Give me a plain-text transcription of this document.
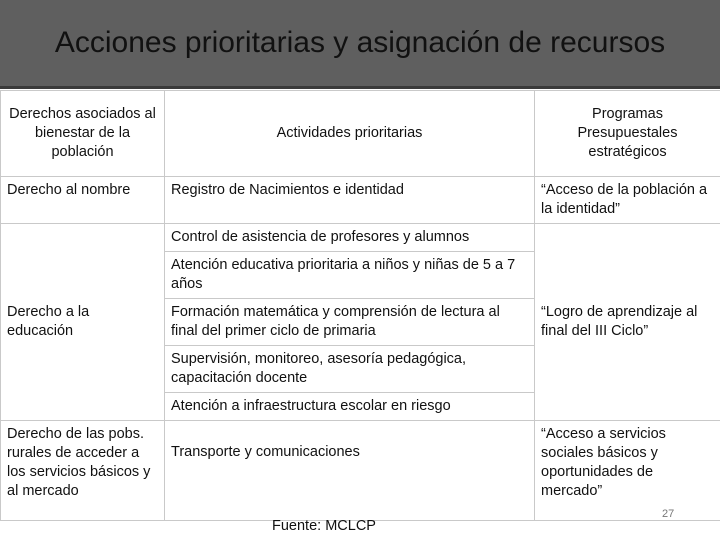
Acciones prioritarias y asignación de recursos
Derechos asociados al bienestar de la población	Actividades prioritarias	Programas Presupuestales estratégicos
Derecho al nombre	Registro de Nacimientos e identidad	“Acceso de la población a la identidad”
Derecho a la educación	Control de asistencia de profesores y alumnos	“Logro de aprendizaje al final del III Ciclo”
	Atención educativa prioritaria a niños y niñas de 5 a 7 años	
	Formación matemática y comprensión de lectura al final del primer ciclo de primaria	
	Supervisión, monitoreo, asesoría pedagógica, capacitación docente	
	Atención a infraestructura escolar en riesgo	
Derecho de las pobs. rurales de acceder a los servicios básicos y al mercado	Transporte y comunicaciones	“Acceso a servicios sociales básicos y oportunidades de mercado”
Fuente: MCLCP
27
